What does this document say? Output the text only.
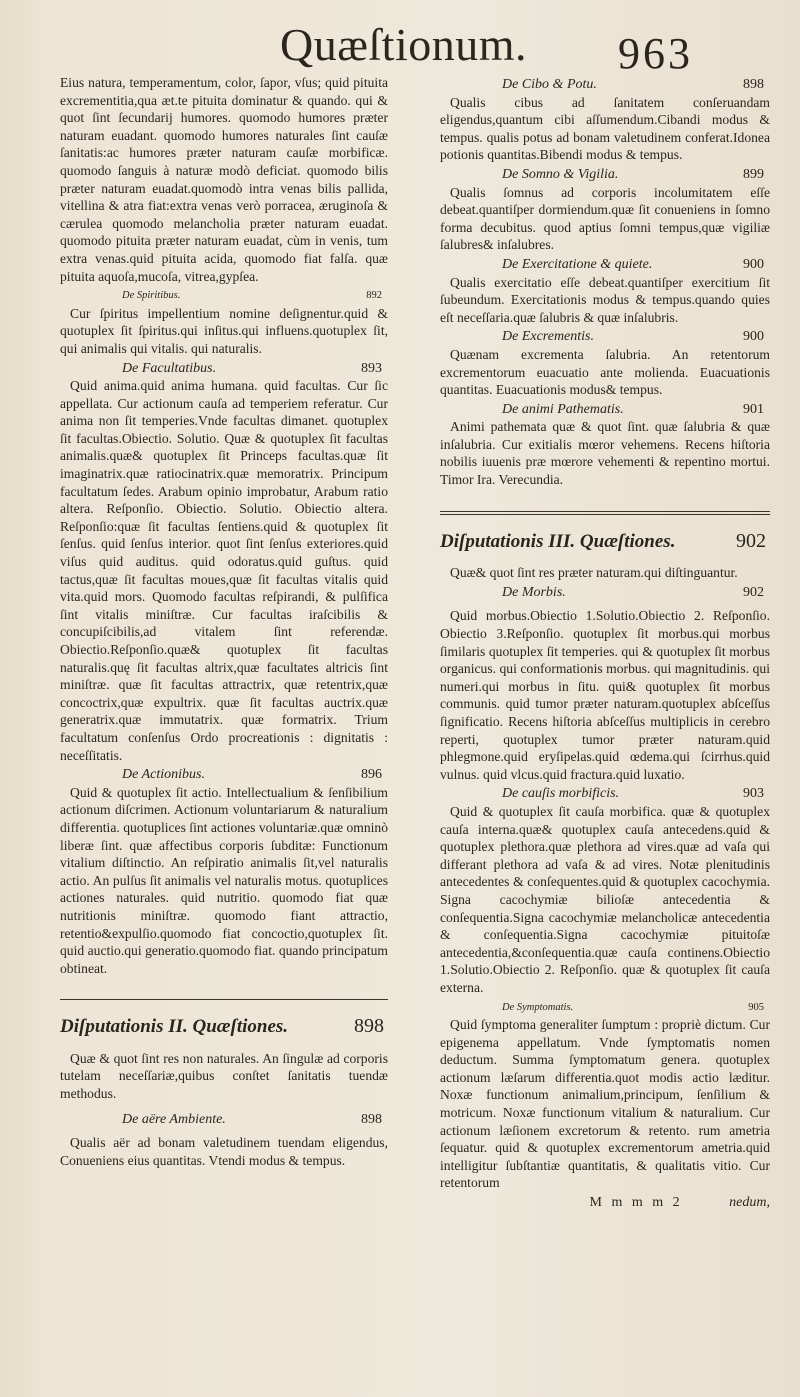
Quæſtionum. 963

Eius natura, temperamentum, color, ſapor, vſus; quid pituita excrementitia,qua æt.te pituita dominatur & quando. qui & quot ſint ſecundarij humores. quomodo humores præter naturam euadant. quomodo humores naturales ſint cauſæ ſanitatis:ac humores præter naturam cauſæ morbificæ. quomodo ſanguis à naturæ modò deficiat. quomodo bilis præter naturam euadat.quomodò intra venas bilis pallida, vitellina & atra fiat:extra venas verò porracea, æruginoſa & cærulea quomodo melancholia præter naturam euadat. quomodo pituita præter naturam euadat, cùm in venis, tum extra venas.quid pituita acida, quomodo fiat falſa. quæ pituita aquoſa,mucoſa, vitrea,gypſea.

De Spiritibus.	892

Cur ſpiritus impellentium nomine deſignentur.quid & quotuplex ſit ſpiritus.qui inſitus.qui influens.quotuplex ſit, qui animalis qui vitalis. qui naturalis.

De Facultatibus.	893

Quid anima.quid anima humana. quid facultas. Cur ſic appellata. Cur actionum cauſa ad temperiem referatur. Cur anima non ſit temperies.Vnde facultas dimanet. quotuplex ſit facultas.Obiectio. Solutio. Quæ & quotuplex ſit facultas animalis.quæ& quotuplex ſit Princeps facultas.quæ ſit imaginatrix.quæ ratiocinatrix.quæ memoratrix. Principum facultatum ſedes. Arabum opinio improbatur, Arabum ratio altera. Reſponſio. Obiectio. Solutio. Obiectio altera. Reſponſio:quæ ſit facultas ſentiens.quid & quotuplex ſit ſenſus. quid ſenſus interior. quot ſint ſenſus exteriores.quid viſus quid auditus. quid odoratus.quid guſtus. quid tactus,quæ ſit facultas moues,quæ ſit facultas vitalis quid vita.quid mors. Quomodo facultas reſpirandi, & pulſifica ſint vitalis miniſtræ. Cur facultas iraſcibilis & concupiſcibilis,ad vitalem ſint referendæ. Obiectio.Reſponſio.quæ& quotuplex ſit facultas naturalis.quę ſit facultas altrix,quæ facultates altricis ſint miniſtræ. quæ ſit facultas attractrix, quæ retentrix,quæ concoctrix,quæ expultrix. quæ ſit facultas auctrix.quæ generatrix.quæ immutatrix. quæ formatrix. Trium facultatum conſenſus Ordo procreationis : dignitatis : neceſſitatis.

De Actionibus.	896

Quid & quotuplex ſit actio. Intellectualium & ſenſibilium actionum diſcrimen. Actionum voluntariarum & naturalium differentia. quotuplices ſint actiones voluntariæ.quæ omninò liberæ ſint. quæ affectibus corporis ſubditæ: Functionum vitalium diſtinctio. An reſpiratio animalis ſit,vel naturalis actio. An pulſus ſit animalis vel naturalis motus. quotuplices actiones naturales. quid nutritio. quomodo fiat quæ nutritionis miniſtræ. quomodo fiant attractio, retentio&expulſio.quomodo fiat concoctio,quotuplex ſit. quid auctio.qui generatio.quomodo fiat. quando principatum obtineat.

Diſputationis II. Quæſtiones.	898

Quæ & quot ſint res non naturales. An ſingulæ ad corporis tutelam neceſſariæ,quibus conſtet ſanitatis tuendæ methodus.

De aëre Ambiente.	898

Qualis aër ad bonam valetudinem tuendam eligendus, Conueniens eius quantitas. Vtendi modus & tempus.

De Cibo & Potu.	898

Qualis cibus ad ſanitatem conſeruandam eligendus,quantum cibi aſſumendum.Cibandi modus & tempus. qualis potus ad bonam valetudinem conferat.Idonea potionis quantitas.Bibendi modus & tempus.

De Somno & Vigilia.	899

Qualis ſomnus ad corporis incolumitatem eſſe debeat.quantiſper dormiendum.quæ ſit conueniens in ſomno forma decubitus. quod aptius ſomni tempus,quæ vigiliæ ſalubres& inſalubres.

De Exercitatione & quiete.	900

Qualis exercitatio eſſe debeat.quantiſper exercitium ſit ſubeundum. Exercitationis modus & tempus.quando quies eſt neceſſaria.quæ ſalubris & quæ inſalubris.

De Excrementis.	900

Quænam excrementa ſalubria. An retentorum excrementorum euacuatio ante molienda. Euacuationis quantitas. Euacuationis modus& tempus.

De animi Pathematis.	901

Animi pathemata quæ & quot ſint. quæ ſalubria & quæ inſalubria. Cur exitialis mœror vehemens. Recens hiſtoria nobilis iuuenis præ mœrore vehementi & repentino mortui. Timor Ira. Verecundia.

Diſputationis III. Quæſtiones.	902

Quæ& quot ſint res præter naturam.qui diſtinguantur.

De Morbis.	902

Quid morbus.Obiectio 1.Solutio.Obiectio 2. Reſponſio. Obiectio 3.Reſponſio. quotuplex ſit morbus.qui morbus ſimilaris quotuplex ſit temperies. qui & quotuplex ſit morbus organicus. qui conformationis morbus. qui magnitudinis. qui numeri.qui morbus in ſitu. qui& quotuplex ſit morbus communis. quid tumor præter naturam.quotuplex abſceſſus ſignificatio. Recens hiſtoria abſceſſus multiplicis in cerebro reperti, quotuplex tumor præter naturam.quid phlegmone.quid eryſipelas.quid œdema.qui ſcirrhus.quid vulnus. quid vlcus.quid fractura.quid luxatio.

De cauſis morbificis.	903

Quid & quotuplex ſit cauſa morbifica. quæ & quotuplex cauſa interna.quæ& quotuplex cauſa antecedens.quid & quotuplex plethora.quæ plethora ad vires.quæ ad vaſa qui differant plethora ad vaſa & ad vires. Notæ plenitudinis antecedentes & conſequentes.quid & quotuplex cacochymia. Signa cacochymiæ bilioſæ antecedentia & conſequentia.Signa cacochymiæ melancholicæ antecedentia & conſequentia.Signa cacochymiæ pituitoſæ antecedentia,&conſequentia.quæ cauſa continens.Obiectio 1.Solutio.Obiectio 2. Reſponſio. quæ & quotuplex ſit cauſa externa.

De Symptomatis.	905

Quid ſymptoma generaliter ſumptum : propriè dictum. Cur epigenema appellatum. Vnde ſymptomatis nomen deductum. Summa ſymptomatum genera. quotuplex actionum læſarum differentia.quot modis actio læditur. Noxæ functionum animalium,principum, ſenſilium & motricum. Noxæ functionum vitalium & naturalium. Cur actionum læſionem excretorum & retento. rum ametria ſequatur. quid & quotuplex excrementorum ametria.quid intelligitur ſubſtantiæ quantitatis, & qualitatis vitio. Cur retentorum

M m m m 2	nedum,
